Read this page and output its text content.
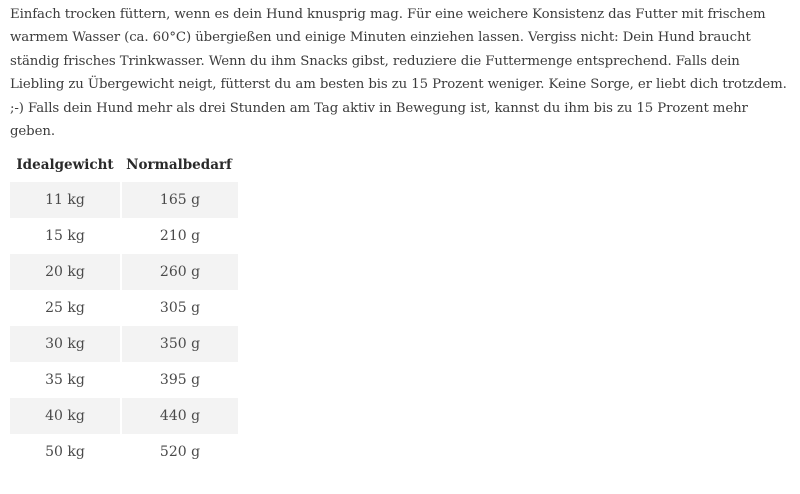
Einfach trocken füttern, wenn es dein Hund knusprig mag. Für eine weichere Konsistenz das Futter mit frischem warmem Wasser (ca. 60°C) übergießen und einige Minuten einziehen lassen. Vergiss nicht: Dein Hund braucht ständig frisches Trinkwasser. Wenn du ihm Snacks gibst, reduziere die Futtermenge entsprechend. Falls dein Liebling zu Übergewicht neigt, fütterst du am besten bis zu 15 Prozent weniger. Keine Sorge, er liebt dich trotzdem. ;-) Falls dein Hund mehr als drei Stunden am Tag aktiv in Bewegung ist, kannst du ihm bis zu 15 Prozent mehr geben.

Idealgewicht	Normalbedarf
11 kg	165 g
15 kg	210 g
20 kg	260 g
25 kg	305 g
30 kg	350 g
35 kg	395 g
40 kg	440 g
50 kg	520 g
